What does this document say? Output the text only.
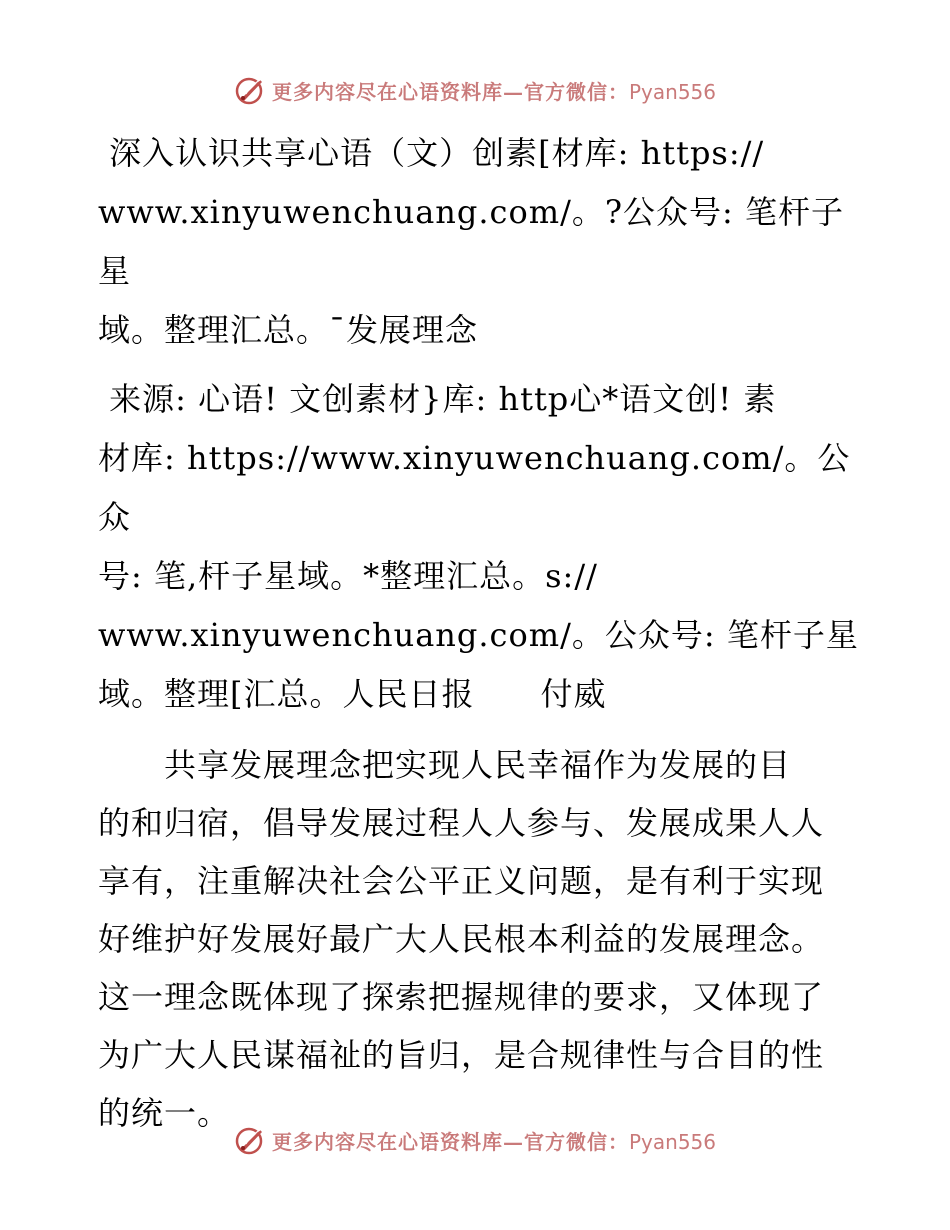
更多内容尽在心语资料库—官方微信：Pyan556

深入认识共享心语（文）创素[材库: https://
www.xinyuwenchuang.com/。?公众号: 笔杆子星
域。整理汇总。¯发展理念

来源: 心语! 文创素材}库: http心*语文创! 素
材库: https://www.xinyuwenchuang.com/。公众
号: 笔,杆子星域。*整理汇总。s://
www.xinyuwenchuang.com/。公众号: 笔杆子星
域。整理[汇总。人民日报　　付威

　　共享发展理念把实现人民幸福作为发展的目
的和归宿，倡导发展过程人人参与、发展成果人人
享有，注重解决社会公平正义问题，是有利于实现
好维护好发展好最广大人民根本利益的发展理念。
这一理念既体现了探索把握规律的要求，又体现了
为广大人民谋福祉的旨归，是合规律性与合目的性
的统一。

更多内容尽在心语资料库—官方微信：Pyan556
